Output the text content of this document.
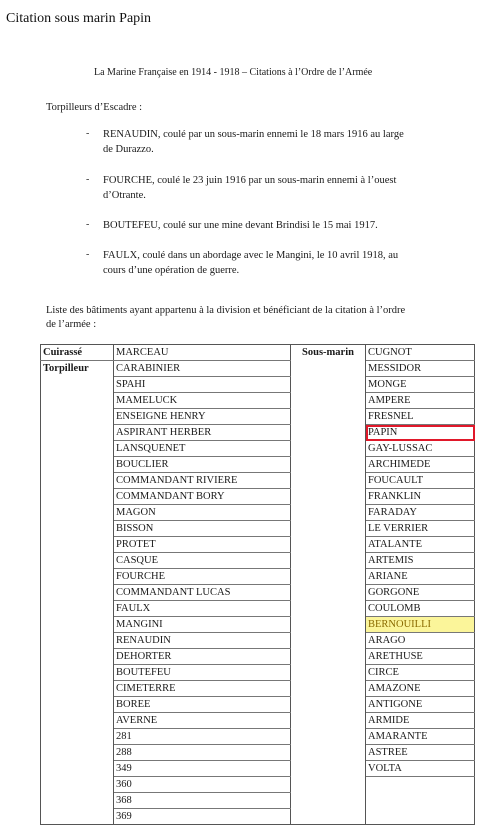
Citation sous marin Papin
La Marine Française en 1914 - 1918 – Citations à l’Ordre de l’Armée
Torpilleurs d’Escadre :
- RENAUDIN, coulé par un sous-marin ennemi le 18 mars 1916 au large
de Durazzo.
- FOURCHE, coulé le 23 juin 1916 par un sous-marin ennemi à l’ouest
d’Otrante.
- BOUTEFEU, coulé sur une mine devant Brindisi le 15 mai 1917.
- FAULX, coulé dans un abordage avec le Mangini, le 10 avril 1918, au
cours d’une opération de guerre.
Liste des bâtiments ayant appartenu à la division et bénéficiant de la citation à l’ordre
de l’armée :
Cuirassé	MARCEAU	Sous-marin	CUGNOT
Torpilleur	CARABINIER		MESSIDOR
	SPAHI		MONGE
	MAMELUCK		AMPERE
	ENSEIGNE HENRY		FRESNEL
	ASPIRANT HERBER		PAPIN
	LANSQUENET		GAY-LUSSAC
	BOUCLIER		ARCHIMEDE
	COMMANDANT RIVIERE		FOUCAULT
	COMMANDANT BORY		FRANKLIN
	MAGON		FARADAY
	BISSON		LE VERRIER
	PROTET		ATALANTE
	CASQUE		ARTEMIS
	FOURCHE		ARIANE
	COMMANDANT LUCAS		GORGONE
	FAULX		COULOMB
	MANGINI		BERNOUILLI
	RENAUDIN		ARAGO
	DEHORTER		ARETHUSE
	BOUTEFEU		CIRCE
	CIMETERRE		AMAZONE
	BOREE		ANTIGONE
	AVERNE		ARMIDE
	281		AMARANTE
	288		ASTREE
	349		VOLTA
	360		
	368		
	369		
